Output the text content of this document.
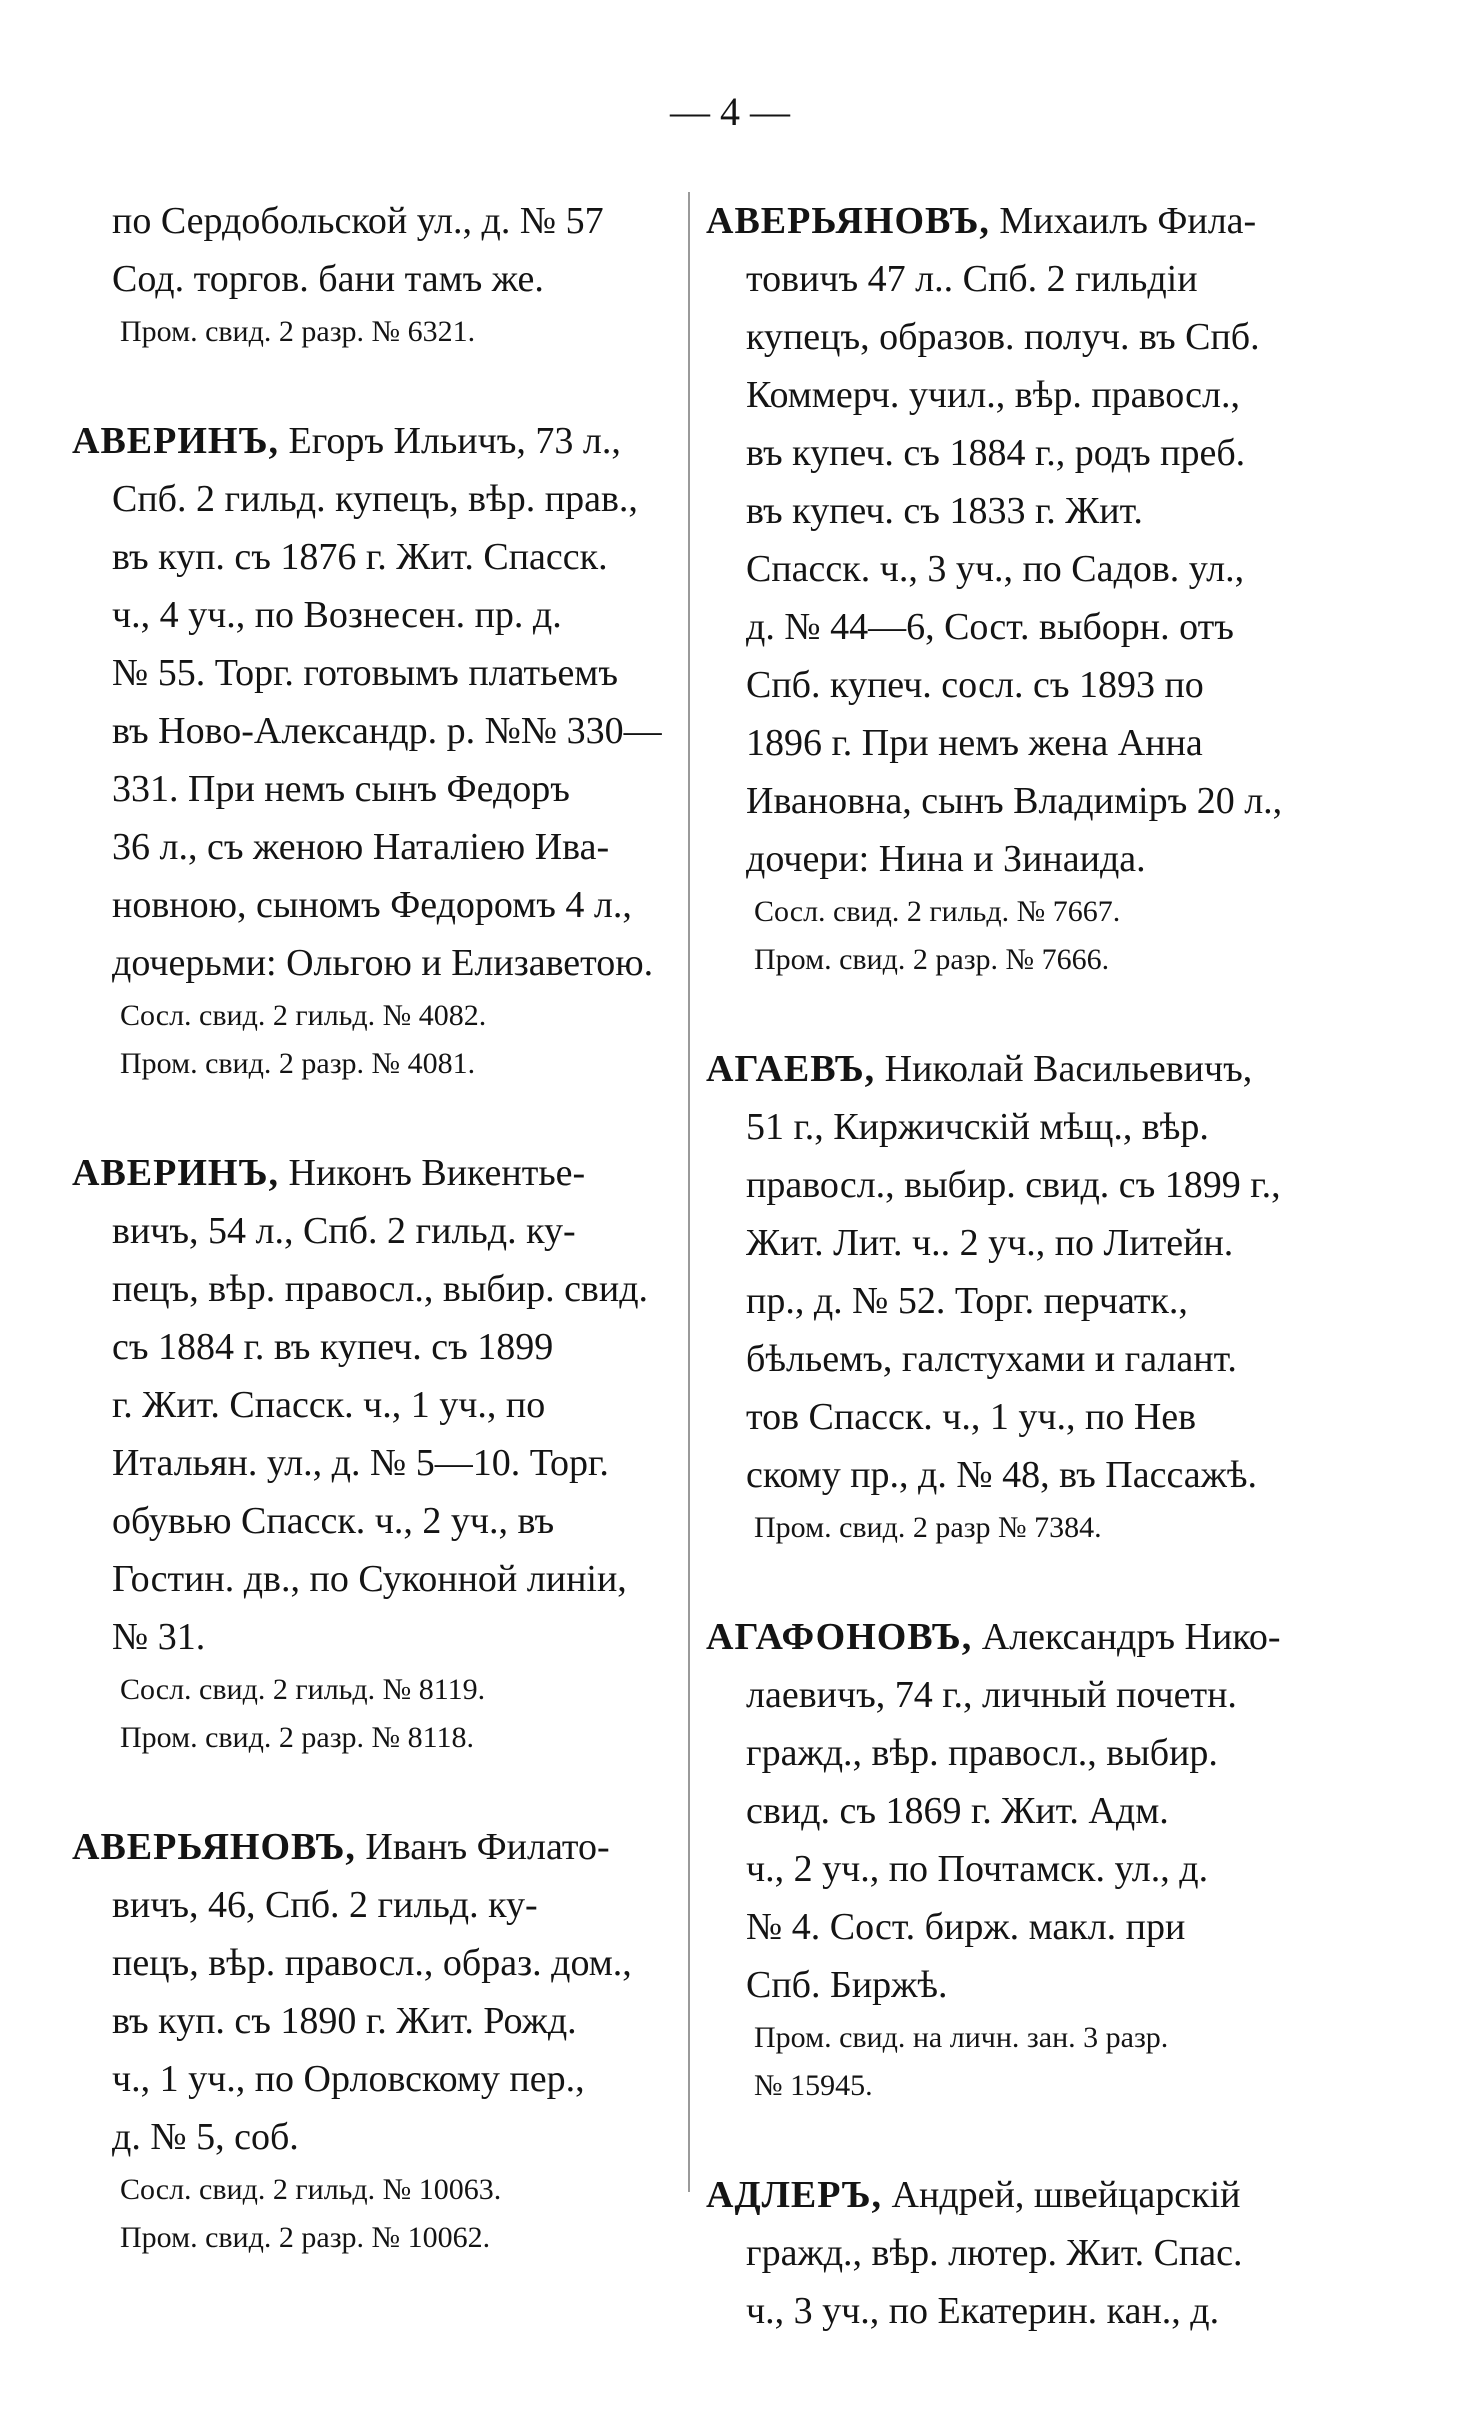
— 4 —
по Сердобольской ул., д. № 57
Сод. торгов. бани тамъ же.
Пром. свид. 2 разр. № 6321.
АВЕРИНЪ, Егоръ Ильичъ, 73 л.,
Спб. 2 гильд. купецъ, вѣр. прав.,
въ куп. съ 1876 г. Жит. Спасск.
ч., 4 уч., по Вознесен. пр. д.
№ 55. Торг. готовымъ платьемъ
въ Ново-Александр. р. №№ 330—
331. При немъ сынъ Федоръ
36 л., съ женою Наталіею Ива-
новною, сыномъ Федоромъ 4 л.,
дочерьми: Ольгою и Елизаветою.
Сосл. свид. 2 гильд. № 4082.
Пром. свид. 2 разр. № 4081.
АВЕРИНЪ, Никонъ Викентье-
вичъ, 54 л., Спб. 2 гильд. ку-
пецъ, вѣр. правосл., выбир. свид.
съ 1884 г. въ купеч. съ 1899
г. Жит. Спасск. ч., 1 уч., по
Итальян. ул., д. № 5—10. Торг.
обувью Спасск. ч., 2 уч., въ
Гостин. дв., по Суконной линіи,
№ 31.
Сосл. свид. 2 гильд. № 8119.
Пром. свид. 2 разр. № 8118.
АВЕРЬЯНОВЪ, Иванъ Филато-
вичъ, 46, Спб. 2 гильд. ку-
пецъ, вѣр. правосл., образ. дом.,
въ куп. съ 1890 г. Жит. Рожд.
ч., 1 уч., по Орловскому пер.,
д. № 5, соб.
Сосл. свид. 2 гильд. № 10063.
Пром. свид. 2 разр. № 10062.
АВЕРЬЯНОВЪ, Михаилъ Фила-
товичъ 47 л.. Спб. 2 гильдіи
купецъ, образов. получ. въ Спб.
Коммерч. учил., вѣр. правосл.,
въ купеч. съ 1884 г., родъ преб.
въ купеч. съ 1833 г. Жит.
Спасск. ч., 3 уч., по Садов. ул.,
д. № 44—6, Сост. выборн. отъ
Спб. купеч. сосл. съ 1893 по
1896 г. При немъ жена Анна
Ивановна, сынъ Владиміръ 20 л.,
дочери: Нина и Зинаида.
Сосл. свид. 2 гильд. № 7667.
Пром. свид. 2 разр. № 7666.
АГАЕВЪ, Николай Васильевичъ,
51 г., Киржичскій мѣщ., вѣр.
правосл., выбир. свид. съ 1899 г.,
Жит. Лит. ч.. 2 уч., по Литейн.
пр., д. № 52. Торг. перчатк.,
бѣльемъ, галстухами и галант.
тов Спасск. ч., 1 уч., по Нев
скому пр., д. № 48, въ Пассажѣ.
Пром. свид. 2 разр № 7384.
АГАФОНОВЪ, Александръ Нико-
лаевичъ, 74 г., личный почетн.
гражд., вѣр. правосл., выбир.
свид. съ 1869 г. Жит. Адм.
ч., 2 уч., по Почтамск. ул., д.
№ 4. Сост. бирж. макл. при
Спб. Биржѣ.
Пром. свид. на личн. зан. 3 разр.
№ 15945.
АДЛЕРЪ, Андрей, швейцарскій
гражд., вѣр. лютер. Жит. Спас.
ч., 3 уч., по Екатерин. кан., д.
